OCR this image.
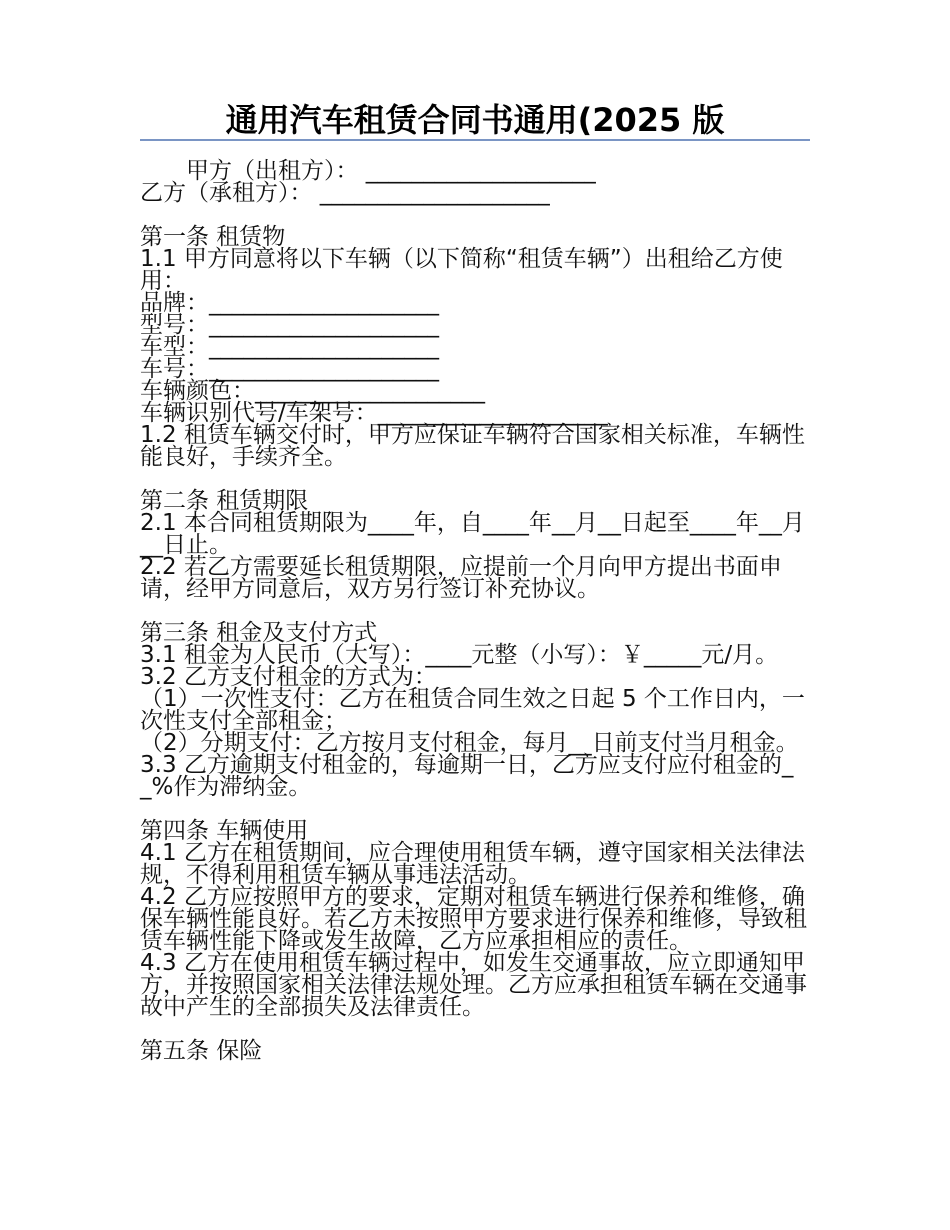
通用汽车租赁合同书通用(2025 版

甲方（出租方）： ____________________

乙方（承租方）： ____________________

第一条 租赁物

1.1 甲方同意将以下车辆（以下简称“租赁车辆”）出租给乙方使用：

品牌：____________________

型号：____________________

车型：____________________

车号：____________________

车辆颜色：____________________

车辆识别代号/车架号：____________________

1.2 租赁车辆交付时，甲方应保证车辆符合国家相关标准，车辆性能良好，手续齐全。

第二条 租赁期限

2.1 本合同租赁期限为____年，自____年__月__日起至____年__月__日止。

2.2 若乙方需要延长租赁期限，应提前一个月向甲方提出书面申请，经甲方同意后，双方另行签订补充协议。

第三条 租金及支付方式

3.1 租金为人民币（大写）：____元整（小写）：￥_____元/月。

3.2 乙方支付租金的方式为：

（1）一次性支付：乙方在租赁合同生效之日起 5 个工作日内，一次性支付全部租金；

（2）分期支付：乙方按月支付租金，每月__日前支付当月租金。

3.3 乙方逾期支付租金的，每逾期一日，乙方应支付应付租金的__%作为滞纳金。

第四条 车辆使用

4.1 乙方在租赁期间，应合理使用租赁车辆，遵守国家相关法律法规，不得利用租赁车辆从事违法活动。

4.2 乙方应按照甲方的要求，定期对租赁车辆进行保养和维修，确保车辆性能良好。若乙方未按照甲方要求进行保养和维修，导致租赁车辆性能下降或发生故障，乙方应承担相应的责任。

4.3 乙方在使用租赁车辆过程中，如发生交通事故，应立即通知甲方，并按照国家相关法律法规处理。乙方应承担租赁车辆在交通事故中产生的全部损失及法律责任。

第五条 保险
